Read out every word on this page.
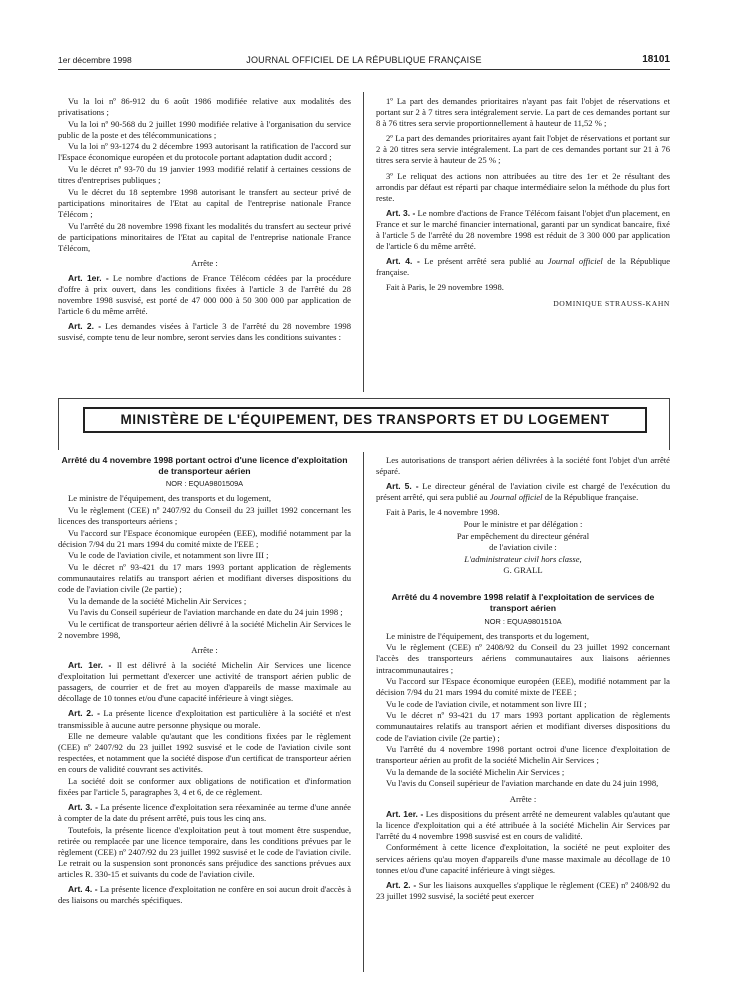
1er décembre 1998	JOURNAL OFFICIEL DE LA RÉPUBLIQUE FRANÇAISE	18101

Vu la loi nº 86-912 du 6 août 1986 modifiée relative aux modalités des privatisations ;

Vu la loi nº 90-568 du 2 juillet 1990 modifiée relative à l'organisation du service public de la poste et des télécommunications ;

Vu la loi nº 93-1274 du 2 décembre 1993 autorisant la ratification de l'accord sur l'Espace économique européen et du protocole portant adaptation dudit accord ;

Vu le décret nº 93-70 du 19 janvier 1993 modifié relatif à certaines cessions de titres d'entreprises publiques ;

Vu le décret du 18 septembre 1998 autorisant le transfert au secteur privé de participations minoritaires de l'Etat au capital de l'entreprise nationale France Télécom ;

Vu l'arrêté du 28 novembre 1998 fixant les modalités du transfert au secteur privé de participations minoritaires de l'Etat au capital de l'entreprise nationale France Télécom,

Arrête :

Art. 1er. - Le nombre d'actions de France Télécom cédées par la procédure d'offre à prix ouvert, dans les conditions fixées à l'article 3 de l'arrêté du 28 novembre 1998 susvisé, est porté de 47 000 000 à 50 300 000 par application de l'article 6 du même arrêté.

Art. 2. - Les demandes visées à l'article 3 de l'arrêté du 28 novembre 1998 susvisé, compte tenu de leur nombre, seront servies dans les conditions suivantes :

1º La part des demandes prioritaires n'ayant pas fait l'objet de réservations et portant sur 2 à 7 titres sera intégralement servie. La part de ces demandes portant sur 8 à 76 titres sera servie proportionnellement à hauteur de 11,52 % ;

2º La part des demandes prioritaires ayant fait l'objet de réservations et portant sur 2 à 20 titres sera servie intégralement. La part de ces demandes portant sur 21 à 76 titres sera servie à hauteur de 25 % ;

3º Le reliquat des actions non attribuées au titre des 1er et 2e résultant des arrondis par défaut est réparti par chaque intermédiaire selon la méthode du plus fort reste.

Art. 3. - Le nombre d'actions de France Télécom faisant l'objet d'un placement, en France et sur le marché financier international, garanti par un syndicat bancaire, fixé à l'article 5 de l'arrêté du 28 novembre 1998 est réduit de 3 300 000 par application de l'article 6 du même arrêté.

Art. 4. - Le présent arrêté sera publié au Journal officiel de la République française.

Fait à Paris, le 29 novembre 1998.

DOMINIQUE STRAUSS-KAHN

MINISTÈRE DE L'ÉQUIPEMENT, DES TRANSPORTS ET DU LOGEMENT

Arrêté du 4 novembre 1998 portant octroi d'une licence d'exploitation de transporteur aérien

NOR : EQUA9801509A

Le ministre de l'équipement, des transports et du logement,

Vu le règlement (CEE) nº 2407/92 du Conseil du 23 juillet 1992 concernant les licences des transporteurs aériens ;

Vu l'accord sur l'Espace économique européen (EEE), modifié notamment par la décision 7/94 du 21 mars 1994 du comité mixte de l'EEE ;

Vu le code de l'aviation civile, et notamment son livre III ;

Vu le décret nº 93-421 du 17 mars 1993 portant application de règlements communautaires relatifs au transport aérien et modifiant diverses dispositions du code de l'aviation civile (2e partie) ;

Vu la demande de la société Michelin Air Services ;

Vu l'avis du Conseil supérieur de l'aviation marchande en date du 24 juin 1998 ;

Vu le certificat de transporteur aérien délivré à la société Michelin Air Services le 2 novembre 1998,

Arrête :

Art. 1er. - Il est délivré à la société Michelin Air Services une licence d'exploitation lui permettant d'exercer une activité de transport aérien public de passagers, de courrier et de fret au moyen d'appareils de masse maximale au décollage de 10 tonnes et/ou d'une capacité inférieure à vingt sièges.

Art. 2. - La présente licence d'exploitation est particulière à la société et n'est transmissible à aucune autre personne physique ou morale.

Elle ne demeure valable qu'autant que les conditions fixées par le règlement (CEE) nº 2407/92 du 23 juillet 1992 susvisé et le code de l'aviation civile sont respectées, et notamment que la société dispose d'un certificat de transporteur aérien en cours de validité couvrant ses activités.

La société doit se conformer aux obligations de notification et d'information fixées par l'article 5, paragraphes 3, 4 et 6, de ce règlement.

Art. 3. - La présente licence d'exploitation sera réexaminée au terme d'une année à compter de la date du présent arrêté, puis tous les cinq ans.

Toutefois, la présente licence d'exploitation peut à tout moment être suspendue, retirée ou remplacée par une licence temporaire, dans les conditions prévues par le règlement (CEE) nº 2407/92 du 23 juillet 1992 susvisé et le code de l'aviation civile. Le retrait ou la suspension sont prononcés sans préjudice des sanctions prévues aux articles R. 330-15 et suivants du code de l'aviation civile.

Art. 4. - La présente licence d'exploitation ne confère en soi aucun droit d'accès à des liaisons ou marchés spécifiques.

Les autorisations de transport aérien délivrées à la société font l'objet d'un arrêté séparé.

Art. 5. - Le directeur général de l'aviation civile est chargé de l'exécution du présent arrêté, qui sera publié au Journal officiel de la République française.

Fait à Paris, le 4 novembre 1998.

Pour le ministre et par délégation :

Par empêchement du directeur général

de l'aviation civile :

L'administrateur civil hors classe,

G. GRALL

Arrêté du 4 novembre 1998 relatif à l'exploitation de services de transport aérien

NOR : EQUA9801510A

Le ministre de l'équipement, des transports et du logement,

Vu le règlement (CEE) nº 2408/92 du Conseil du 23 juillet 1992 concernant l'accès des transporteurs aériens communautaires aux liaisons aériennes intracommunautaires ;

Vu l'accord sur l'Espace économique européen (EEE), modifié notamment par la décision 7/94 du 21 mars 1994 du comité mixte de l'EEE ;

Vu le code de l'aviation civile, et notamment son livre III ;

Vu le décret nº 93-421 du 17 mars 1993 portant application de règlements communautaires relatifs au transport aérien et modifiant diverses dispositions du code de l'aviation civile (2e partie) ;

Vu l'arrêté du 4 novembre 1998 portant octroi d'une licence d'exploitation de transporteur aérien au profit de la société Michelin Air Services ;

Vu la demande de la société Michelin Air Services ;

Vu l'avis du Conseil supérieur de l'aviation marchande en date du 24 juin 1998,

Arrête :

Art. 1er. - Les dispositions du présent arrêté ne demeurent valables qu'autant que la licence d'exploitation qui a été attribuée à la société Michelin Air Services par l'arrêté du 4 novembre 1998 susvisé est en cours de validité.

Conformément à cette licence d'exploitation, la société ne peut exploiter des services aériens qu'au moyen d'appareils d'une masse maximale au décollage de 10 tonnes et/ou d'une capacité inférieure à vingt sièges.

Art. 2. - Sur les liaisons auxquelles s'applique le règlement (CEE) nº 2408/92 du 23 juillet 1992 susvisé, la société peut exercer
